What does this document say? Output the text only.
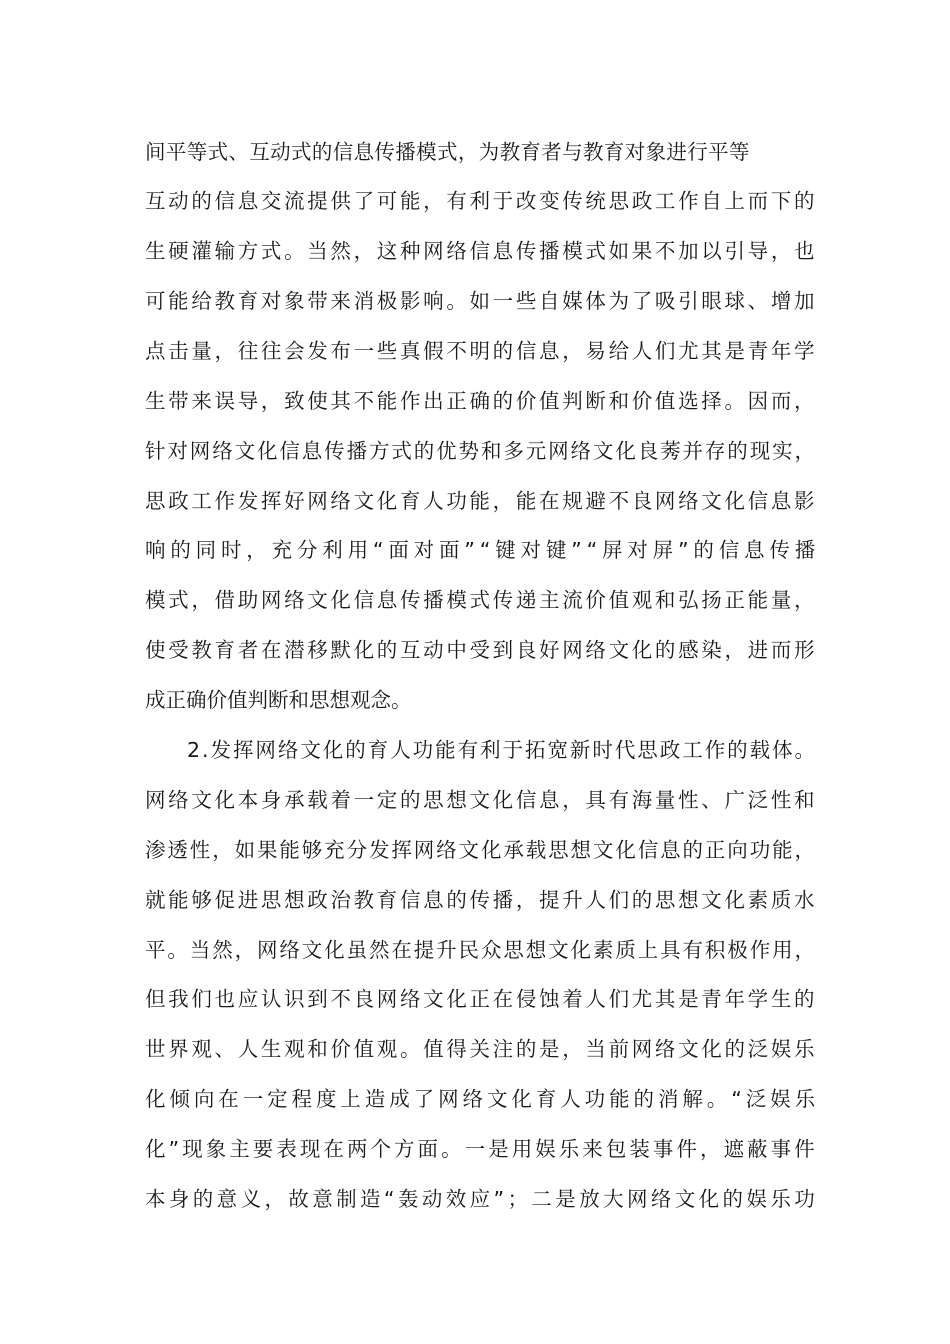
间平等式、互动式的信息传播模式，为教育者与教育对象进行平等
互动的信息交流提供了可能，有利于改变传统思政工作自上而下的
生硬灌输方式。当然，这种网络信息传播模式如果不加以引导，也
可能给教育对象带来消极影响。如一些自媒体为了吸引眼球、增加
点击量，往往会发布一些真假不明的信息，易给人们尤其是青年学
生带来误导，致使其不能作出正确的价值判断和价值选择。因而，
针对网络文化信息传播方式的优势和多元网络文化良莠并存的现实，
思政工作发挥好网络文化育人功能，能在规避不良网络文化信息影
响的同时，充分利用“面对面”“键对键”“屏对屏”的信息传播
模式，借助网络文化信息传播模式传递主流价值观和弘扬正能量，
使受教育者在潜移默化的互动中受到良好网络文化的感染，进而形
成正确价值判断和思想观念。
2.发挥网络文化的育人功能有利于拓宽新时代思政工作的载体。
网络文化本身承载着一定的思想文化信息，具有海量性、广泛性和
渗透性，如果能够充分发挥网络文化承载思想文化信息的正向功能，
就能够促进思想政治教育信息的传播，提升人们的思想文化素质水
平。当然，网络文化虽然在提升民众思想文化素质上具有积极作用，
但我们也应认识到不良网络文化正在侵蚀着人们尤其是青年学生的
世界观、人生观和价值观。值得关注的是，当前网络文化的泛娱乐
化倾向在一定程度上造成了网络文化育人功能的消解。“泛娱乐
化”现象主要表现在两个方面。一是用娱乐来包装事件，遮蔽事件
本身的意义，故意制造“轰动效应”；二是放大网络文化的娱乐功
